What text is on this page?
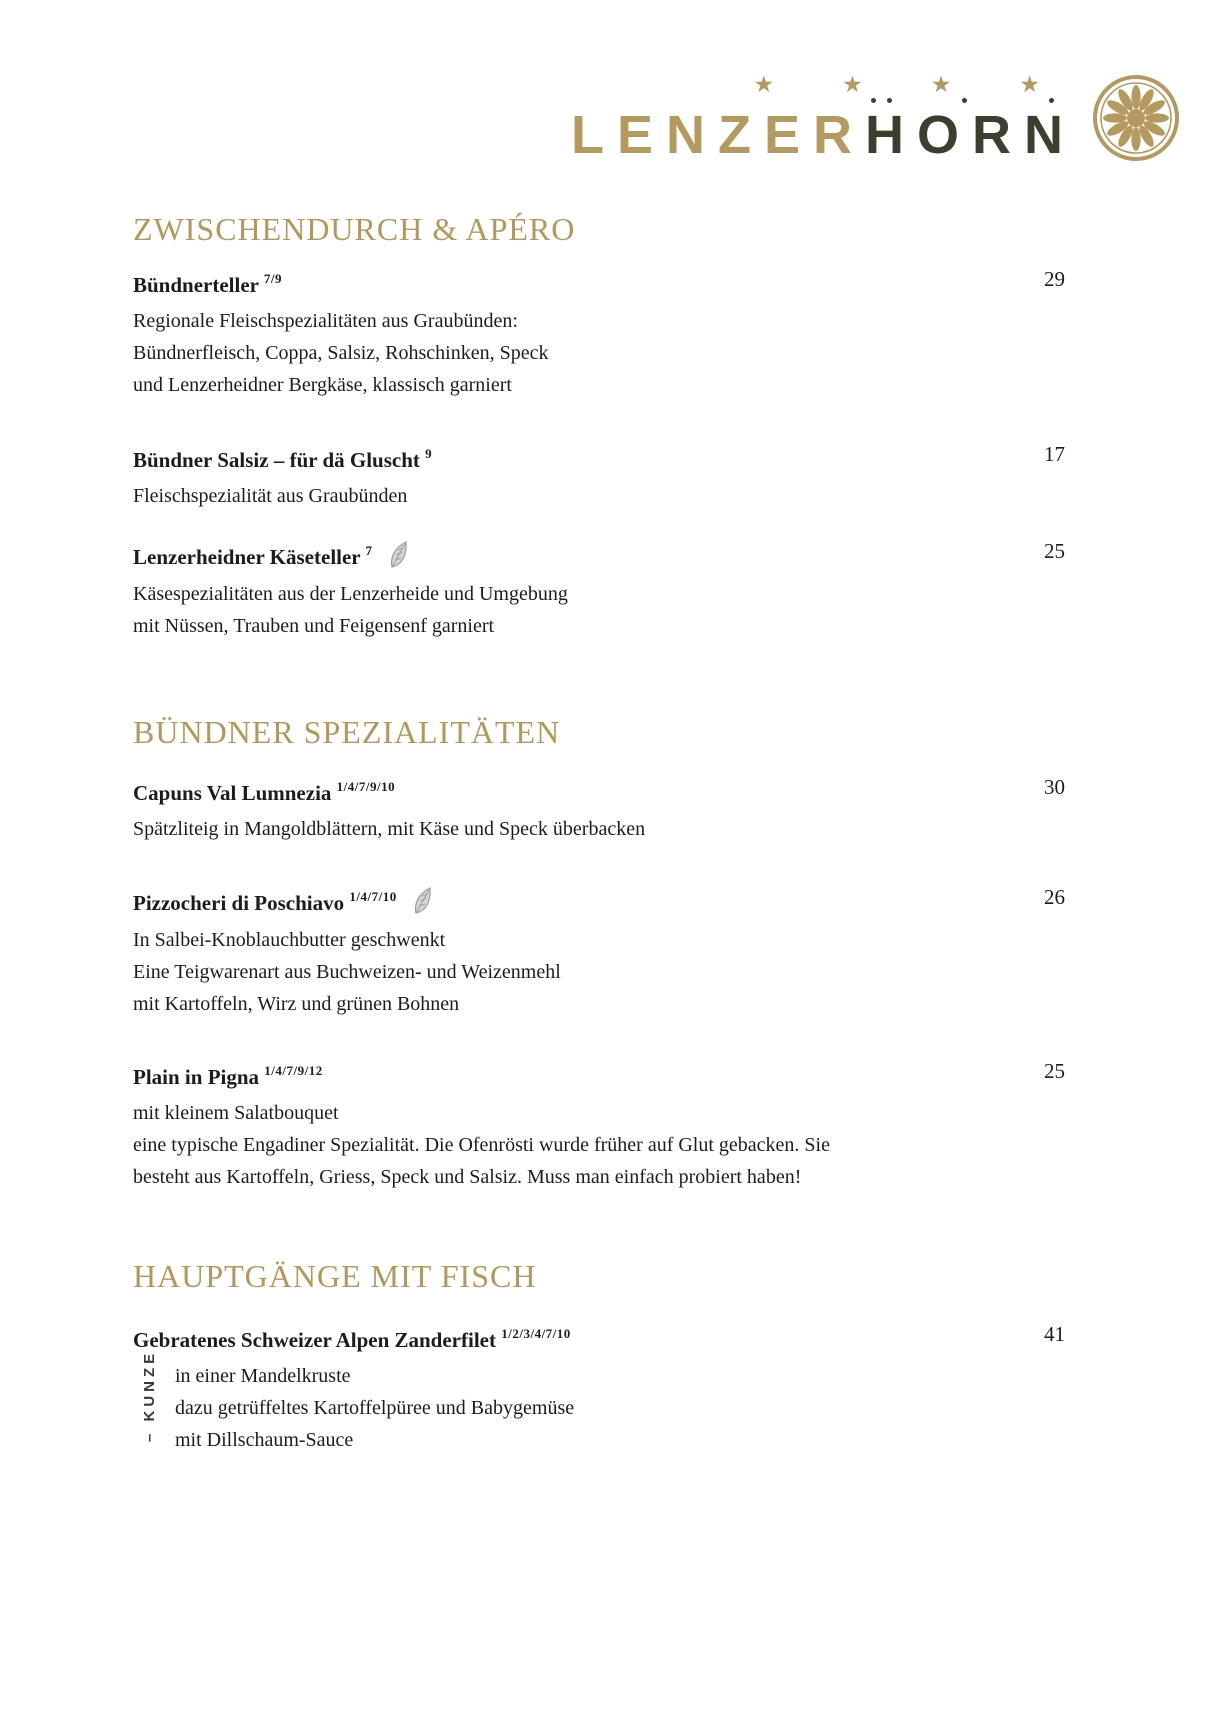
★ ★ ★ ★
LENZERHORN
ZWISCHENDURCH & APÉRO
Bündnerteller $^{7/9}$	29

Regionale Fleischspezialitäten aus Graubünden:

Bündnerfleisch, Coppa, Salsiz, Rohschinken, Speck

und Lenzerheidner Bergkäse, klassisch garniert

Bündner Salsiz – für dä Gluscht $^9$	17

Fleischspezialität aus Graubünden

Lenzerheidner Käseteller $^7$	25

Käsespezialitäten aus der Lenzerheide und Umgebung

mit Nüssen, Trauben und Feigensenf garniert

BÜNDNER SPEZIALITÄTEN
Capuns Val Lumnezia $^{1/4/7/9/10}$	30

Spätzliteig in Mangoldblättern, mit Käse und Speck überbacken

Pizzocheri di Poschiavo $^{1/4/7/10}$	26

In Salbei-Knoblauchbutter geschwenkt

Eine Teigwarenart aus Buchweizen- und Weizenmehl

mit Kartoffeln, Wirz und grünen Bohnen

Plain in Pigna $^{1/4/7/9/12}$	25

mit kleinem Salatbouquet

eine typische Engadiner Spezialität. Die Ofenrösti wurde früher auf Glut gebacken. Sie

besteht aus Kartoffeln, Griess, Speck und Salsiz. Muss man einfach probiert haben!

HAUPTGÄNGE MIT FISCH
Gebratenes Schweizer Alpen Zanderfilet $^{1/2/3/4/7/10}$	41

in einer Mandelkruste

dazu getrüffeltes Kartoffelpüree und Babygemüse

mit Dillschaum-Sauce

– KUNZE
